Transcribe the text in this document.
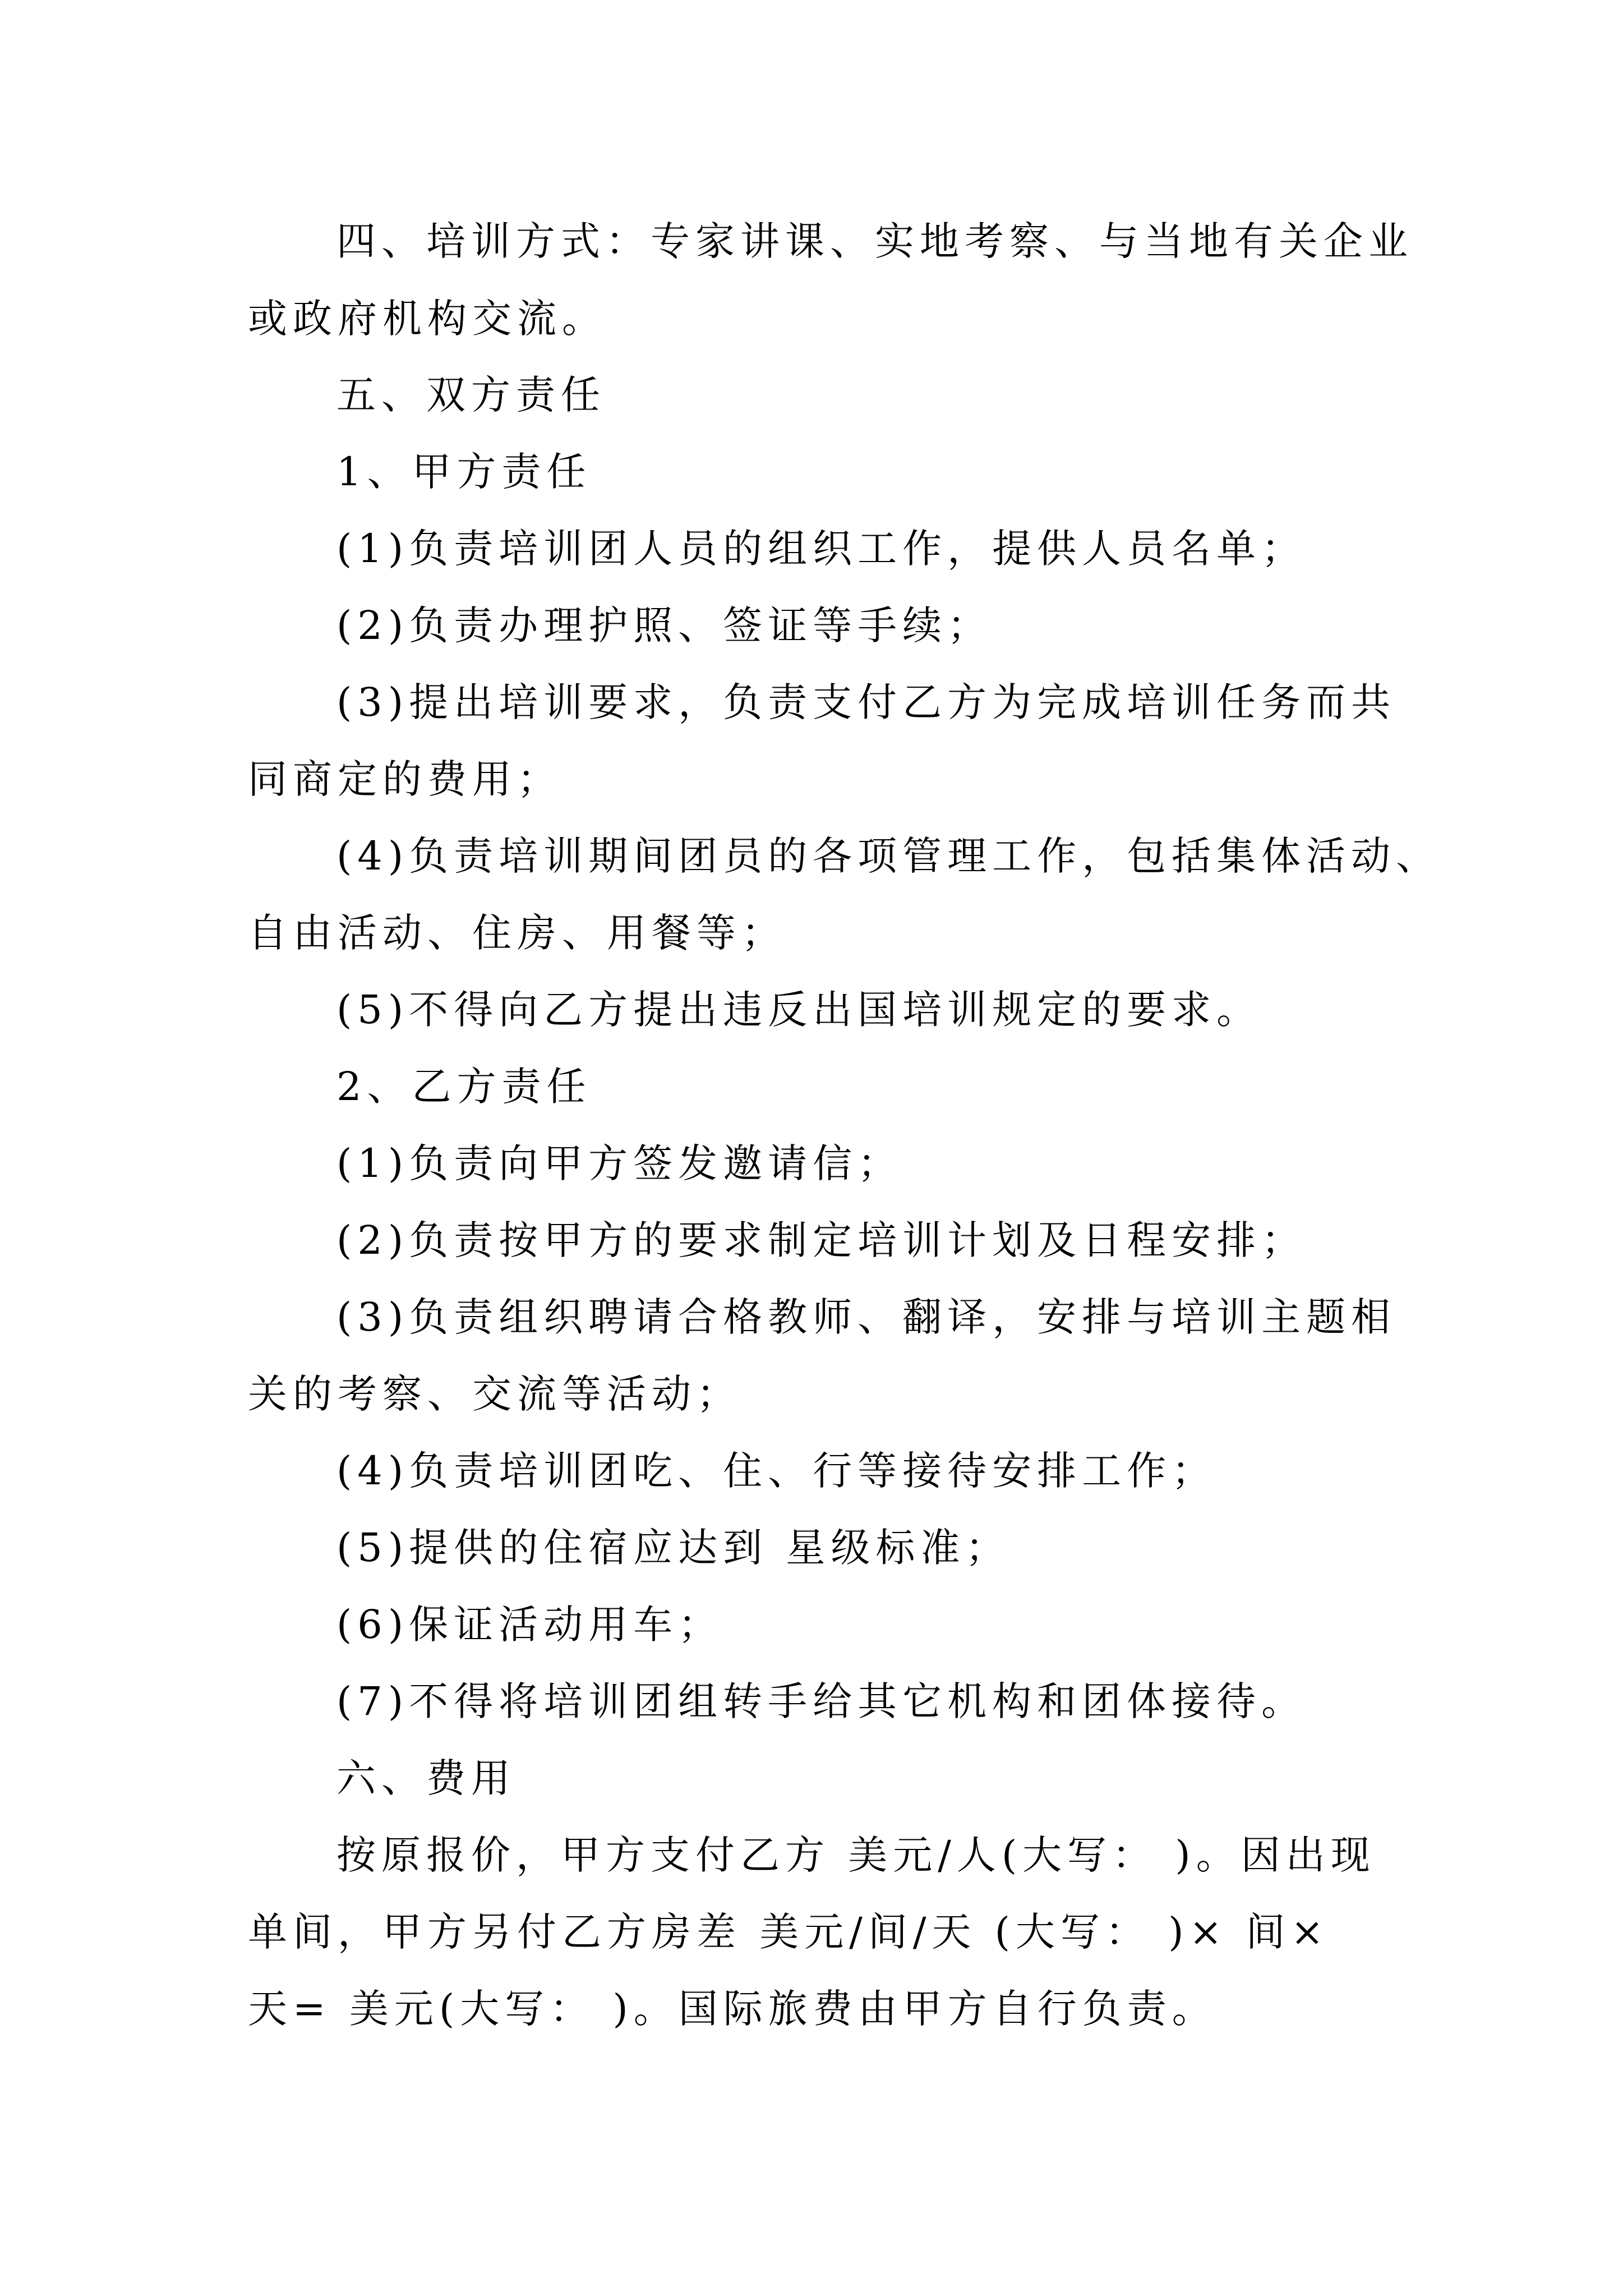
四、培训方式：专家讲课、实地考察、与当地有关企业
或政府机构交流。
五、双方责任
1、甲方责任
(1)负责培训团人员的组织工作，提供人员名单；
(2)负责办理护照、签证等手续；
(3)提出培训要求，负责支付乙方为完成培训任务而共
同商定的费用；
(4)负责培训期间团员的各项管理工作，包括集体活动、
自由活动、住房、用餐等；
(5)不得向乙方提出违反出国培训规定的要求。
2、乙方责任
(1)负责向甲方签发邀请信；
(2)负责按甲方的要求制定培训计划及日程安排；
(3)负责组织聘请合格教师、翻译，安排与培训主题相
关的考察、交流等活动；
(4)负责培训团吃、住、行等接待安排工作；
(5)提供的住宿应达到 星级标准；
(6)保证活动用车；
(7)不得将培训团组转手给其它机构和团体接待。
六、费用
按原报价，甲方支付乙方 美元/人(大写： )。因出现
单间，甲方另付乙方房差 美元/间/天 (大写： )× 间×
天= 美元(大写： )。国际旅费由甲方自行负责。
